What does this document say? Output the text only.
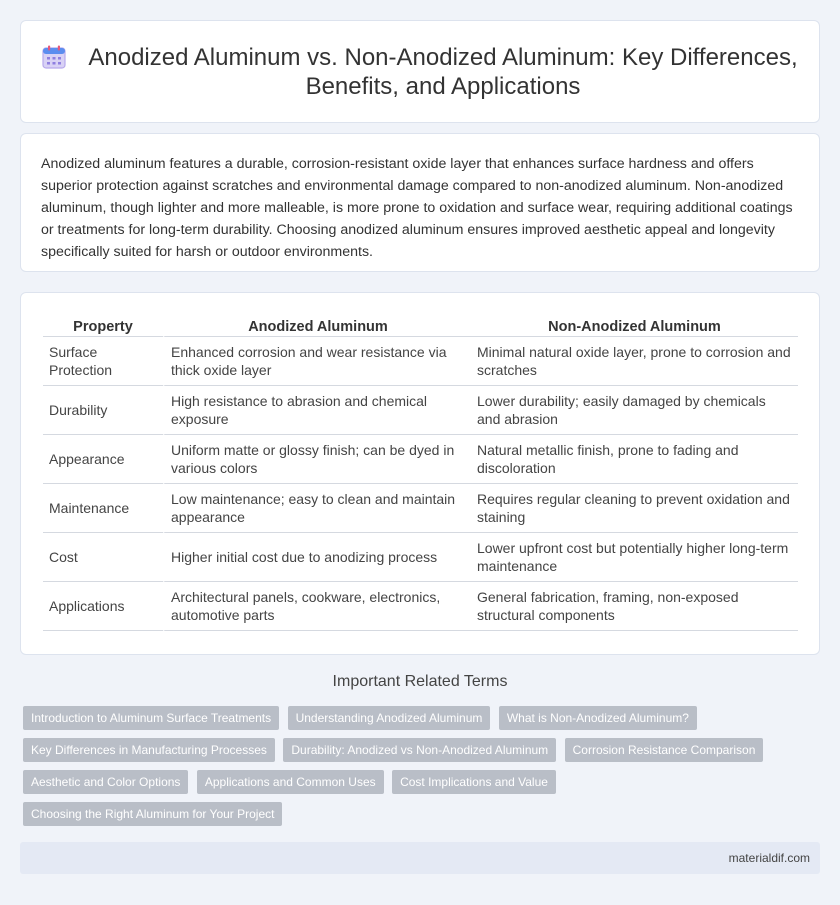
Anodized Aluminum vs. Non-Anodized Aluminum: Key Differences, Benefits, and Applications

Anodized aluminum features a durable, corrosion-resistant oxide layer that enhances surface hardness and offers superior protection against scratches and environmental damage compared to non-anodized aluminum. Non-anodized aluminum, though lighter and more malleable, is more prone to oxidation and surface wear, requiring additional coatings or treatments for long-term durability. Choosing anodized aluminum ensures improved aesthetic appeal and longevity specifically suited for harsh or outdoor environments.

Property	Anodized Aluminum	Non-Anodized Aluminum
Surface Protection	Enhanced corrosion and wear resistance via thick oxide layer	Minimal natural oxide layer, prone to corrosion and scratches
Durability	High resistance to abrasion and chemical exposure	Lower durability; easily damaged by chemicals and abrasion
Appearance	Uniform matte or glossy finish; can be dyed in various colors	Natural metallic finish, prone to fading and discoloration
Maintenance	Low maintenance; easy to clean and maintain appearance	Requires regular cleaning to prevent oxidation and staining
Cost	Higher initial cost due to anodizing process	Lower upfront cost but potentially higher long-term maintenance
Applications	Architectural panels, cookware, electronics, automotive parts	General fabrication, framing, non-exposed structural components
Important Related Terms
Introduction to Aluminum Surface Treatments Understanding Anodized Aluminum What is Non-Anodized Aluminum? Key Differences in Manufacturing Processes Durability: Anodized vs Non-Anodized Aluminum Corrosion Resistance Comparison Aesthetic and Color Options Applications and Common Uses Cost Implications and Value Choosing the Right Aluminum for Your Project
materialdif.com
